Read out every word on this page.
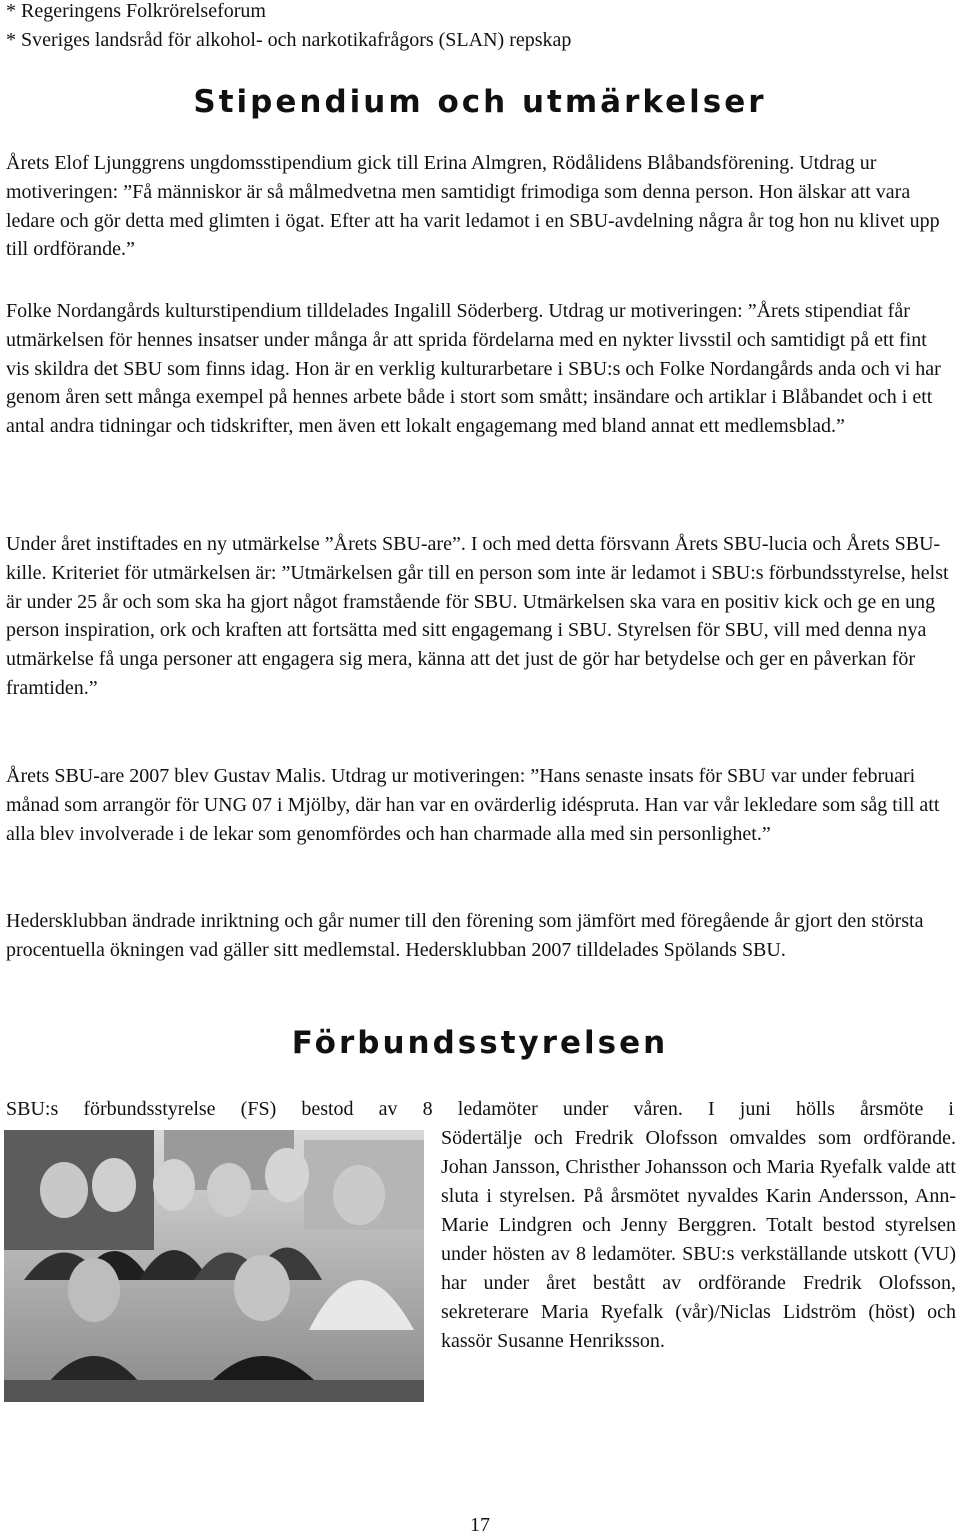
* Regeringens Folkrörelseforum
* Sveriges landsråd för alkohol- och narkotikafrågors (SLAN) repskap
Stipendium och utmärkelser
Årets Elof Ljunggrens ungdomsstipendium gick till Erina Almgren, Rödålidens Blåbandsförening. Utdrag ur motiveringen: ”Få människor är så målmedvetna men samtidigt frimodiga som denna person. Hon älskar att vara ledare och gör detta med glimten i ögat. Efter att ha varit ledamot i en SBU-avdelning några år tog hon nu klivet upp till ordförande.”
Folke Nordangårds kulturstipendium tilldelades Ingalill Söderberg. Utdrag ur motiveringen: ”Årets stipendiat får utmärkelsen för hennes insatser under många år att sprida fördelarna med en nykter livsstil och samtidigt på ett fint vis skildra det SBU som finns idag. Hon är en verklig kulturarbetare i SBU:s och Folke Nordangårds anda och vi har genom åren sett många exempel på hennes arbete både i stort som smått; insändare och artiklar i Blåbandet och i ett antal andra tidningar och tidskrifter, men även ett lokalt engagemang med bland annat ett medlemsblad.”
Under året instiftades en ny utmärkelse ”Årets SBU-are”. I och med detta försvann Årets SBU-lucia och Årets SBU-kille. Kriteriet för utmärkelsen är: ”Utmärkelsen går till en person som inte är ledamot i SBU:s förbundsstyrelse, helst är under 25 år och som ska ha gjort något framstående för SBU. Utmärkelsen ska vara en positiv kick och ge en ung person inspiration, ork och kraften att fortsätta med sitt engagemang i SBU. Styrelsen för SBU, vill med denna nya utmärkelse få unga personer att engagera sig mera, känna att det just de gör har betydelse och ger en påverkan för framtiden.”
Årets SBU-are 2007 blev Gustav Malis. Utdrag ur motiveringen: ”Hans senaste insats för SBU var under februari månad som arrangör för UNG 07 i Mjölby, där han var en ovärderlig idéspruta. Han var vår lekledare som såg till att alla blev involverade i de lekar som genomfördes och han charmade alla med sin personlighet.”
Hedersklubban ändrade inriktning och går numer till den förening som jämfört med föregående år gjort den största procentuella ökningen vad gäller sitt medlemstal. Hedersklubban 2007 tilldelades Spölands SBU.
Förbundsstyrelsen
SBU:s förbundsstyrelse (FS) bestod av 8 ledamöter under våren. I juni hölls årsmöte i
Södertälje och Fredrik Olofsson omvaldes som ordförande. Johan Jansson, Christher Johansson och Maria Ryefalk valde att sluta i styrelsen. På årsmötet nyvaldes Karin Andersson, Ann-Marie Lindgren och Jenny Berggren. Totalt bestod styrelsen under hösten av 8 ledamöter. SBU:s verkställande utskott (VU) har under året bestått av ordförande Fredrik Olofsson, sekreterare Maria Ryefalk (vår)/Niclas Lidström (höst) och kassör Susanne Henriksson.
17
